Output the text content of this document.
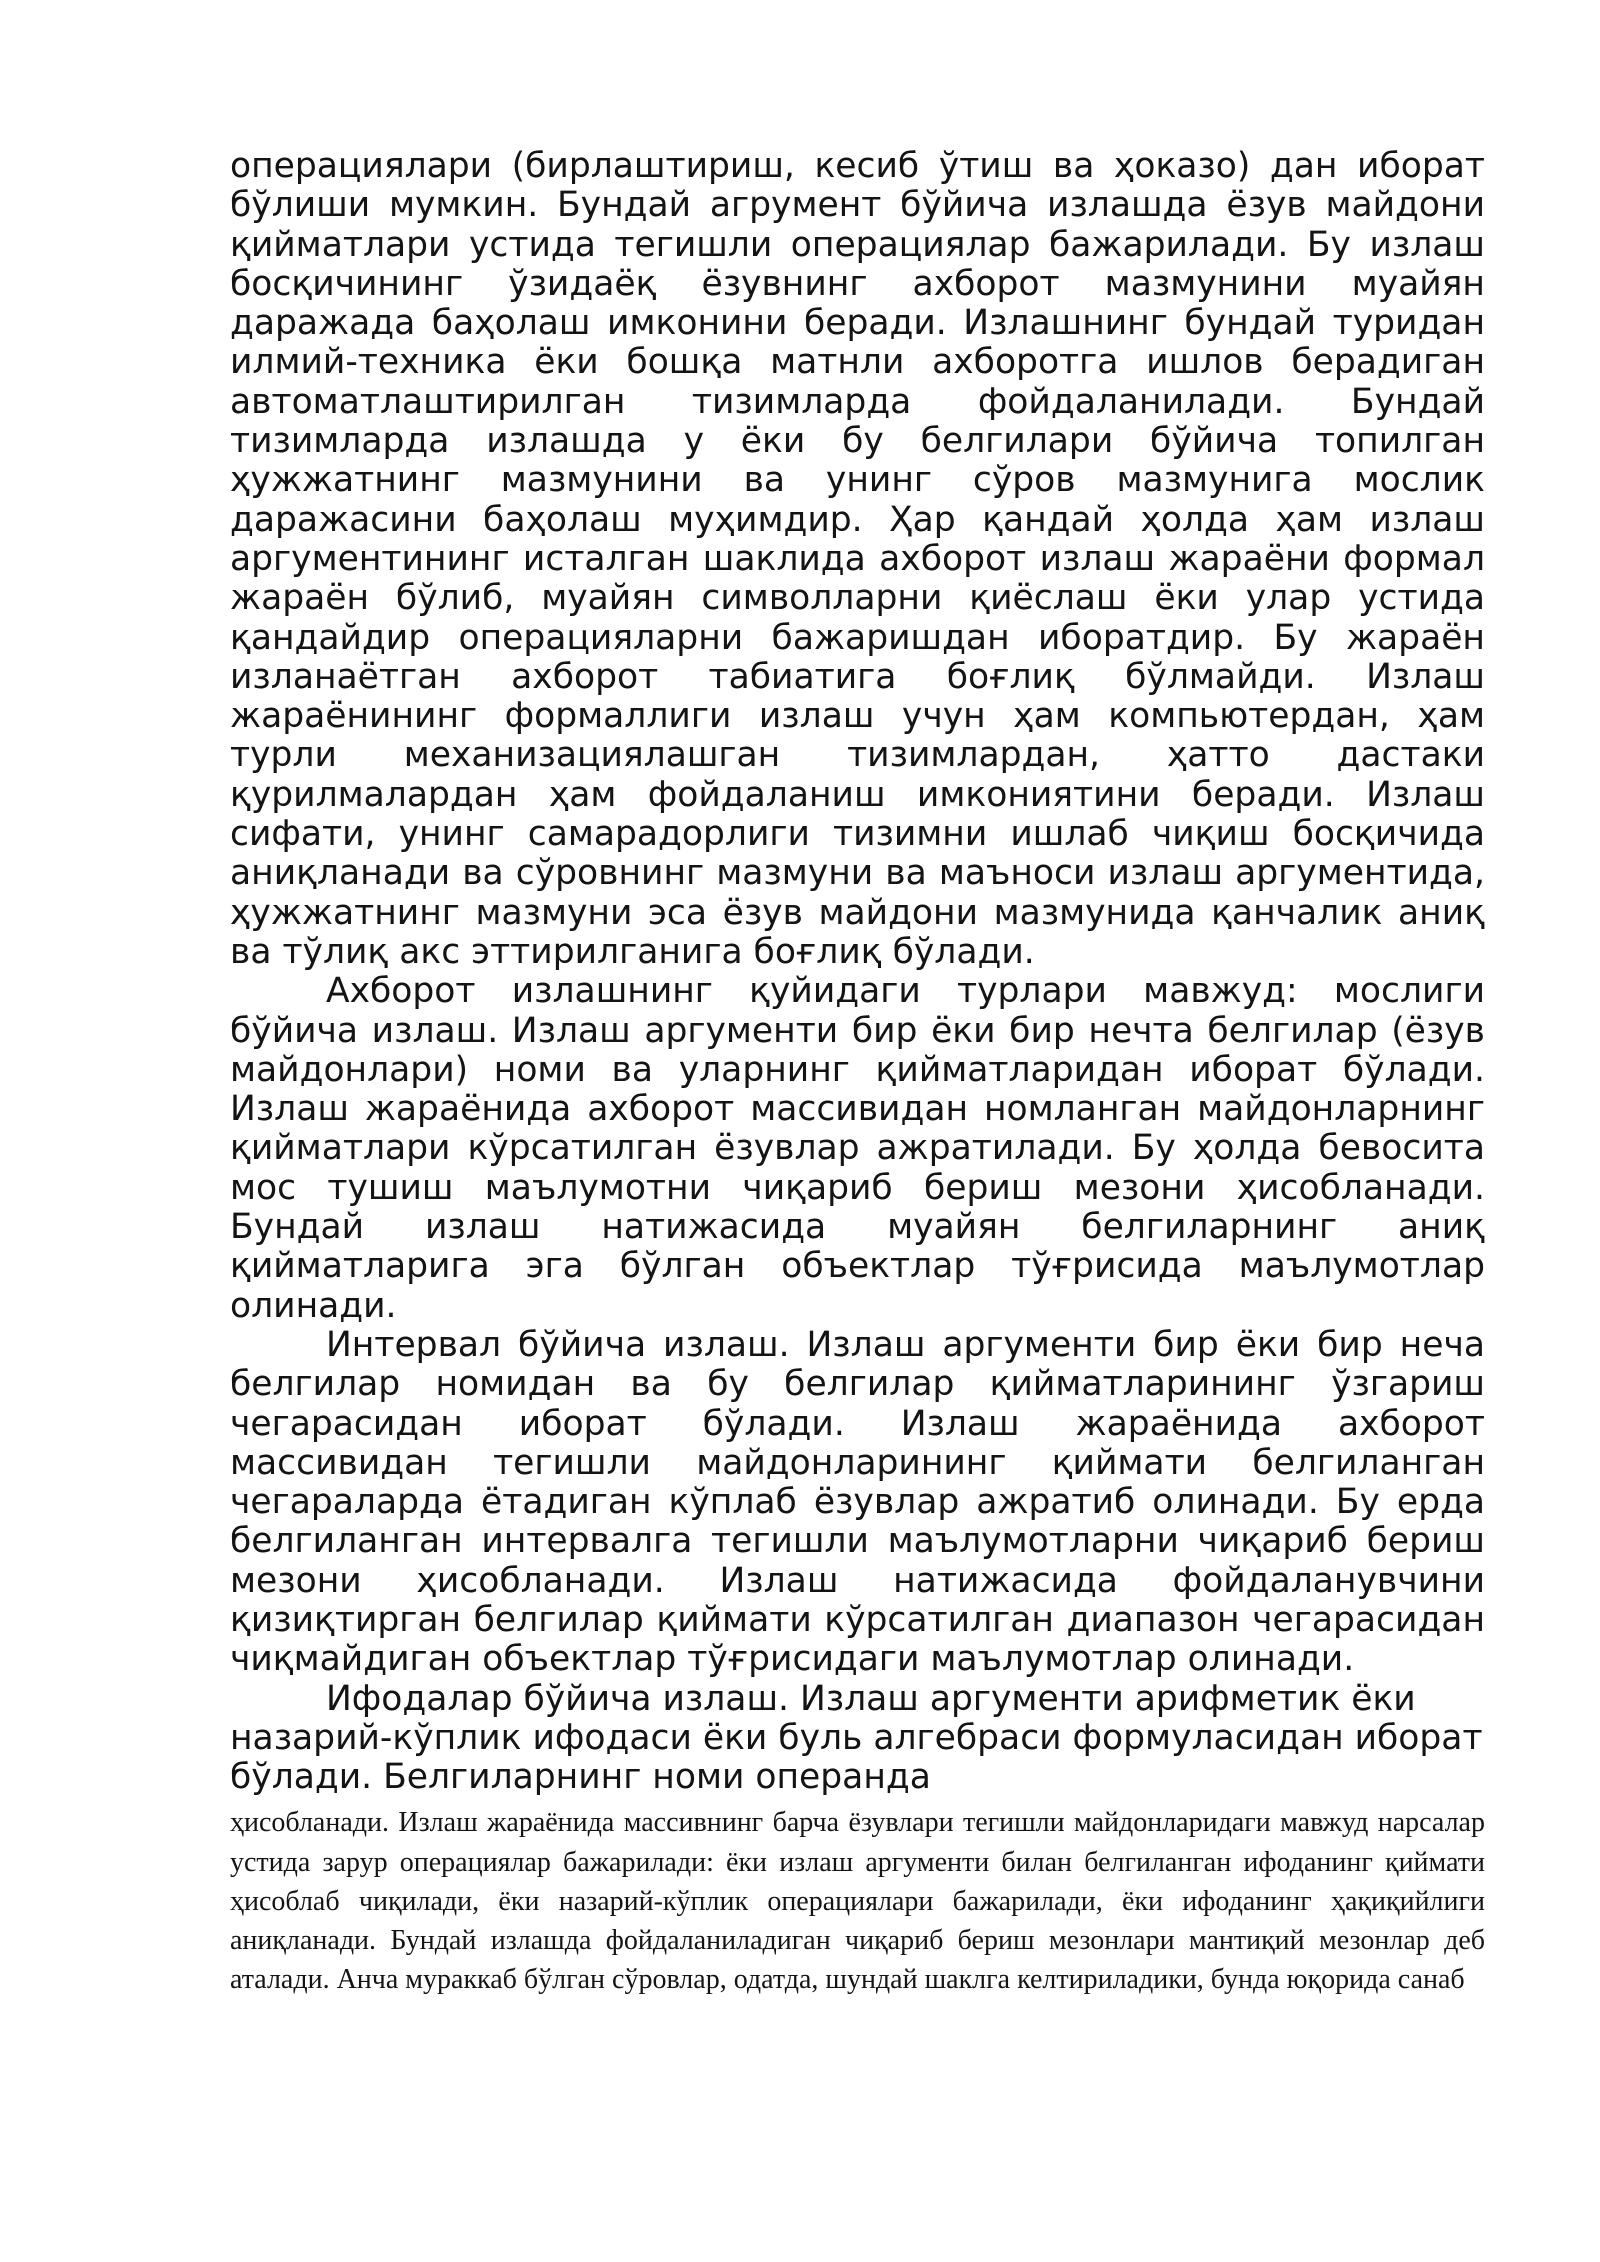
операциялари (бирлаштириш, кесиб ўтиш ва ҳоказо) дан иборат бўлиши мумкин. Бундай агрумент бўйича излашда ёзув майдони қийматлари устида тегишли операциялар бажарилади. Бу излаш босқичининг ўзидаёқ ёзувнинг ахборот мазмунини муайян даражада баҳолаш имконини беради. Излашнинг бундай туридан илмий-техника ёки бошқа матнли ахборотга ишлов берадиган автоматлаштирилган тизимларда фойдаланилади. Бундай тизимларда излашда у ёки бу белгилари бўйича топилган ҳужжатнинг мазмунини ва унинг сўров мазмунига мослик даражасини баҳолаш муҳимдир. Ҳар қандай ҳолда ҳам излаш аргументининг исталган шаклида ахборот излаш жараёни формал жараён бўлиб, муайян символларни қиёслаш ёки улар устида қандайдир операцияларни бажаришдан иборатдир. Бу жараён изланаётган ахборот табиатига боғлиқ бўлмайди. Излаш жараёнининг формаллиги излаш учун ҳам компьютердан, ҳам турли механизациялашган тизимлардан, ҳатто дастаки қурилмалардан ҳам фойдаланиш имкониятини беради. Излаш сифати, унинг самарадорлиги тизимни ишлаб чиқиш босқичида аниқланади ва сўровнинг мазмуни ва маъноси излаш аргументида, ҳужжатнинг мазмуни эса ёзув майдони мазмунида қанчалик аниқ ва тўлиқ акс эттирилганига боғлиқ бўлади.

Ахборот излашнинг қуйидаги турлари мавжуд: мослиги бўйича излаш. Излаш аргументи бир ёки бир нечта белгилар (ёзув майдонлари) номи ва уларнинг қийматларидан иборат бўлади. Излаш жараёнида ахборот массивидан номланган майдонларнинг қийматлари кўрсатилган ёзувлар ажратилади. Бу ҳолда бевосита мос тушиш маълумотни чиқариб бериш мезони ҳисобланади. Бундай излаш натижасида муайян белгиларнинг аниқ қийматларига эга бўлган объектлар тўғрисида маълумотлар олинади.

Интервал бўйича излаш. Излаш аргументи бир ёки бир неча белгилар номидан ва бу белгилар қийматларининг ўзгариш чегарасидан иборат бўлади. Излаш жараёнида ахборот массивидан тегишли майдонларининг қиймати белгиланган чегараларда ётадиган кўплаб ёзувлар ажратиб олинади. Бу ерда белгиланган интервалга тегишли маълумотларни чиқариб бериш мезони ҳисобланади. Излаш натижасида фойдаланувчини қизиқтирган белгилар қиймати кўрсатилган диапазон чегарасидан чиқмайдиган объектлар тўғрисидаги маълумотлар олинади.

Ифодалар бўйича излаш. Излаш аргументи арифметик ёки назарий-кўплик ифодаси ёки буль алгебраси формуласидан иборат бўлади. Белгиларнинг номи операнда

ҳисобланади. Излаш жараёнида массивнинг барча ёзувлари тегишли майдонларидаги мавжуд нарсалар устида зарур операциялар бажарилади: ёки излаш аргументи билан белгиланган ифоданинг қиймати ҳисоблаб чиқилади, ёки назарий-кўплик операциялари бажарилади, ёки ифоданинг ҳақиқийлиги аниқланади. Бундай излашда фойдаланиладиган чиқариб бериш мезонлари мантиқий мезонлар деб аталади. Анча мураккаб бўлган сўровлар, одатда, шундай шаклга келтириладики, бунда юқорида санаб
